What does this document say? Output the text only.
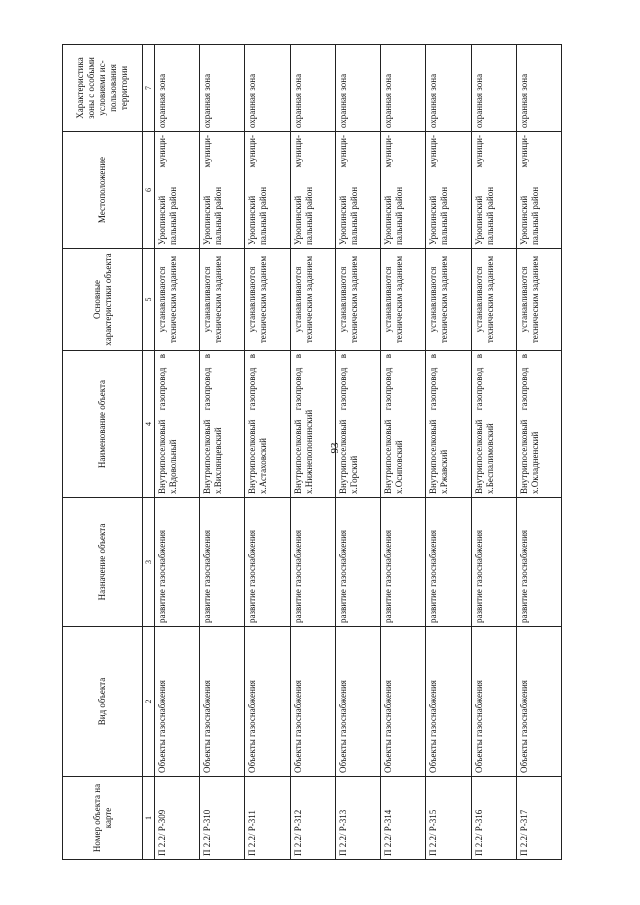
93
Номер объекта на карте	Вид объекта	Назначение объекта	Наименование объекта	Основные характеристики объекта	Местоположение	Характеристика зоны с особыми условиями ис-пользования территории
1	2	3	4	5	6	7
П 2.2/ Р-309	Объекты газоснабжения	развитие газоснабжения	Внутрипоселковый газопровод в х.Вдовольный	устанавливаются техническим заданием	Урюпинский муници-пальный район	охранная зона
П 2.2/ Р-310	Объекты газоснабжения	развитие газоснабжения	Внутрипоселковый газопровод в х.Вихлянцевский	устанавливаются техническим заданием	Урюпинский муници-пальный район	охранная зона
П 2.2/ Р-311	Объекты газоснабжения	развитие газоснабжения	Внутрипоселковый газопровод в х.Астаховский	устанавливаются техническим заданием	Урюпинский муници-пальный район	охранная зона
П 2.2/ Р-312	Объекты газоснабжения	развитие газоснабжения	Внутрипоселковый газопровод в х.Нижнепопонинский	устанавливаются техническим заданием	Урюпинский муници-пальный район	охранная зона
П 2.2/ Р-313	Объекты газоснабжения	развитие газоснабжения	Внутрипоселковый газопровод в х.Горский	устанавливаются техническим заданием	Урюпинский муници-пальный район	охранная зона
П 2.2/ Р-314	Объекты газоснабжения	развитие газоснабжения	Внутрипоселковый газопровод в х.Осиповский	устанавливаются техническим заданием	Урюпинский муници-пальный район	охранная зона
П 2.2/ Р-315	Объекты газоснабжения	развитие газоснабжения	Внутрипоселковый газопровод в х.Ржавский	устанавливаются техническим заданием	Урюпинский муници-пальный район	охранная зона
П 2.2/ Р-316	Объекты газоснабжения	развитие газоснабжения	Внутрипоселковый газопровод в х.Беспалимовский	устанавливаются техническим заданием	Урюпинский муници-пальный район	охранная зона
П 2.2/ Р-317	Объекты газоснабжения	развитие газоснабжения	Внутрипоселковый газопровод в х.Окладненский	устанавливаются техническим заданием	Урюпинский муници-пальный район	охранная зона
